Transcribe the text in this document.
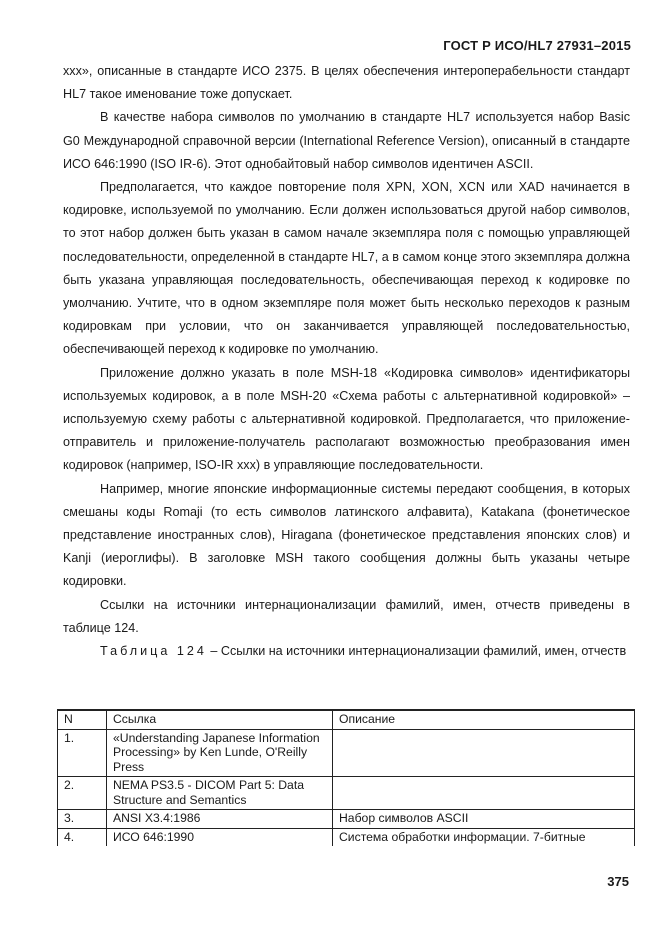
ГОСТ Р ИСО/HL7 27931–2015

xxx», описанные в стандарте ИСО 2375. В целях обеспечения интероперабельности стандарт HL7 такое именование тоже допускает.

В качестве набора символов по умолчанию в стандарте HL7 используется набор Basic G0 Международной справочной версии (International Reference Version), описанный в стандарте ИСО 646:1990 (ISO IR-6). Этот однобайтовый набор символов идентичен ASCII.

Предполагается, что каждое повторение поля XPN, XON, XCN или XAD начинается в кодировке, используемой по умолчанию. Если должен использоваться другой набор символов, то этот набор должен быть указан в самом начале экземпляра поля с помощью управляющей последовательности, определенной в стандарте HL7, а в самом конце этого экземпляра должна быть указана управляющая последовательность, обеспечивающая переход к кодировке по умолчанию. Учтите, что в одном экземпляре поля может быть несколько переходов к разным кодировкам при условии, что он заканчивается управляющей последовательностью, обеспечивающей переход к кодировке по умолчанию.

Приложение должно указать в поле MSH-18 «Кодировка символов» идентификаторы используемых кодировок, а в поле MSH-20 «Схема работы с альтернативной кодировкой» – используемую схему работы с альтернативной кодировкой. Предполагается, что приложение-отправитель и приложение-получатель располагают возможностью преобразования имен кодировок (например, ISO-IR xxx) в управляющие последовательности.

Например, многие японские информационные системы передают сообщения, в которых смешаны коды Romaji (то есть символов латинского алфавита), Katakana (фонетическое представление иностранных слов), Hiragana (фонетическое представления японских слов) и Kanji (иероглифы). В заголовке MSH такого сообщения должны быть указаны четыре кодировки.

Ссылки на источники интернационализации фамилий, имен, отчеств приведены в таблице 124.

Таблица 124 – Ссылки на источники интернационализации фамилий, имен, отчеств

N	Ссылка	Описание
1.	«Understanding Japanese Information Processing» by Ken Lunde, O'Reilly Press	
2.	NEMA PS3.5 - DICOM Part 5: Data Structure and Semantics	
3.	ANSI X3.4:1986	Набор символов ASCII
4.	ИСО 646:1990	Система обработки информации. 7-битные
375
